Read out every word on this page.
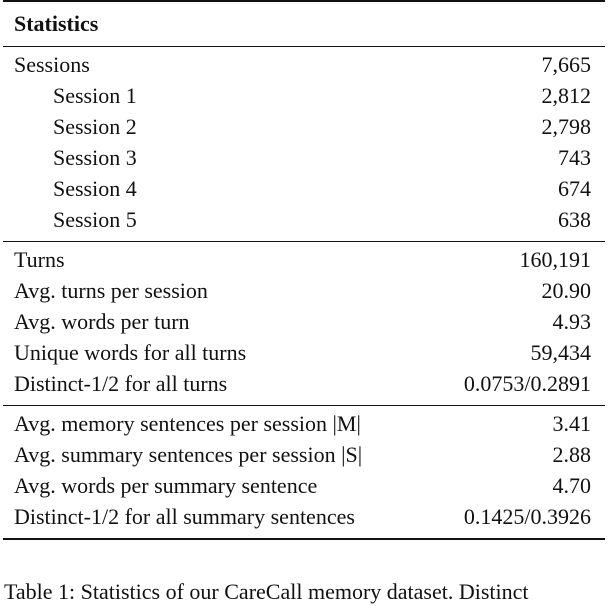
Statistics
Sessions	7,665
Session 1	2,812
Session 2	2,798
Session 3	743
Session 4	674
Session 5	638
Turns	160,191
Avg. turns per session	20.90
Avg. words per turn	4.93
Unique words for all turns	59,434
Distinct-1/2 for all turns	0.0753/0.2891
Avg. memory sentences per session |M|	3.41
Avg. summary sentences per session |S|	2.88
Avg. words per summary sentence	4.70
Distinct-1/2 for all summary sentences	0.1425/0.3926
Table 1: Statistics of our CareCall memory dataset. Distinct
